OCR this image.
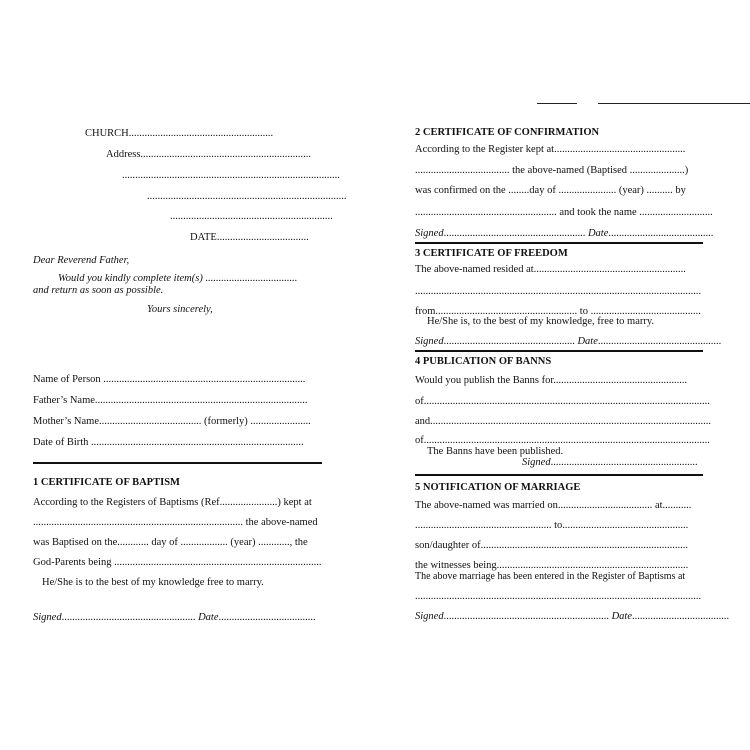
CHURCH.......................................................
Address.................................................................
...................................................................................
............................................................................
..............................................................
DATE...................................
Dear Reverend Father,
Would you kindly complete item(s) ...................................
and return as soon as possible.
Yours sincerely,
Name of Person .............................................................................
Father’s Name.................................................................................
Mother’s Name....................................... (formerly) .......................
Date of Birth .................................................................................
1 CERTIFICATE OF BAPTISM
According to the Registers of Baptisms (Ref......................) kept at
................................................................................ the above-named
was Baptised on the............ day of .................. (year) ............, the
God-Parents being ...............................................................................
He/She is to the best of my knowledge free to marry.
Signed................................................... Date.....................................
2 CERTIFICATE OF CONFIRMATION
According to the Register kept at..................................................
.................................... the above-named (Baptised .....................)
was confirmed on the ........day of ...................... (year) .......... by
...................................................... and took the name ............................
Signed...................................................... Date........................................
3 CERTIFICATE OF FREEDOM
The above-named resided at..........................................................
.............................................................................................................
from...................................................... to ..........................................
He/She is, to the best of my knowledge, free to marry.
Signed.................................................. Date...............................................
4 PUBLICATION OF BANNS
Would you publish the Banns for...................................................
of.............................................................................................................
and...........................................................................................................
of.............................................................................................................
The Banns have been published.
Signed........................................................
5 NOTIFICATION OF MARRIAGE
The above-named was married on.................................... at...........
.................................................... to................................................
son/daughter of...............................................................................
the witnesses being.........................................................................
The above marriage has been entered in the Register of Baptisms at
.............................................................................................................
Signed............................................................... Date.....................................
